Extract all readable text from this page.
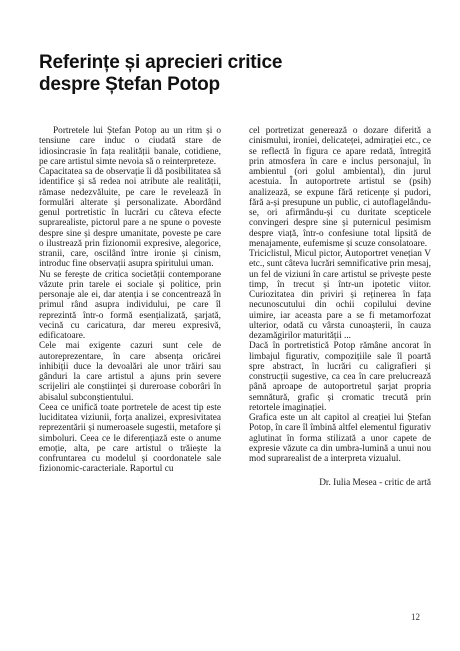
Referințe și aprecieri critice
despre Ștefan Potop

Portretele lui Ștefan Potop au un ritm și o tensiune care induc o ciudată stare de idiosincrasie în fața realității banale, cotidiene, pe care artistul simte nevoia să o reinterpreteze.

Capacitatea sa de observație îi dă posibilitatea să identifice și să redea noi atribute ale realității, rămase nedezvăluite, pe care le revelează în formulări alterate și personalizate. Abordând genul portretistic în lucrări cu câteva efecte suprarealiste, pictorul pare a ne spune o poveste despre sine și despre umanitate, poveste pe care o ilustrează prin fizionomii expresive, alegorice, stranii, care, oscilând între ironie și cinism, introduc fine observații asupra spiritului uman.

Nu se ferește de critica societății contemporane văzute prin tarele ei sociale și politice, prin personaje ale ei, dar atenția i se concentrează în primul rând asupra individului, pe care îl reprezintă într-o formă esențializată, șarjată, vecină cu caricatura, dar mereu expresivă, edificatoare.

Cele mai exigente cazuri sunt cele de autoreprezentare, în care absența oricărei inhibiții duce la devoalări ale unor trăiri sau gânduri la care artistul a ajuns prin severe scrijeliri ale conștiinței și dureroase coborâri în abisalul subconștientului.

Ceea ce unifică toate portretele de acest tip este luciditatea viziunii, forța analizei, expresivitatea reprezentării și numeroasele sugestii, metafore și simboluri. Ceea ce le diferențiază este o anume emoție, alta, pe care artistul o trăiește la confruntarea cu modelul și coordonatele sale fizionomic-caracteriale. Raportul cu

cel portretizat generează o dozare diferită a cinismului, ironiei, delicateței, admirației etc., ce se reflectă în figura ce apare redată, întregită prin atmosfera în care e inclus personajul, în ambientul (ori golul ambiental), din jurul acestuia. În autoportrete artistul se (psih) analizează, se expune fără reticențe și pudori, fără a-și presupune un public, ci autoflagelându-se, ori afirmându-și cu duritate scepticele convingeri despre sine și puternicul pesimism despre viață, într-o confesiune total lipsită de menajamente, eufemisme și scuze consolatoare.

Triciclistul, Micul pictor, Autoportret venețian V etc., sunt câteva lucrări semnificative prin mesaj, un fel de viziuni în care artistul se privește peste timp, în trecut și într-un ipotetic viitor. Curiozitatea din priviri și reținerea în fața necunoscutului din ochii copilului devine uimire, iar aceasta pare a se fi metamorfozat ulterior, odată cu vârsta cunoașterii, în cauza dezamăgirilor maturității ...

Dacă în portretistică Potop rămâne ancorat în limbajul figurativ, compozițiile sale îl poartă spre abstract, în lucrări cu caligrafieri și construcții sugestive, ca cea în care prelucrează până aproape de autoportretul șarjat propria semnătură, grafic și cromatic trecută prin retortele imaginației.

Grafica este un alt capitol al creației lui Ștefan Potop, în care îl îmbină altfel elementul figurativ aglutinat în forma stilizată a unor capete de expresie văzute ca din umbra-lumină a unui nou mod suprarealist de a interpreta vizualul.

Dr. Iulia Mesea - critic de artă

12
